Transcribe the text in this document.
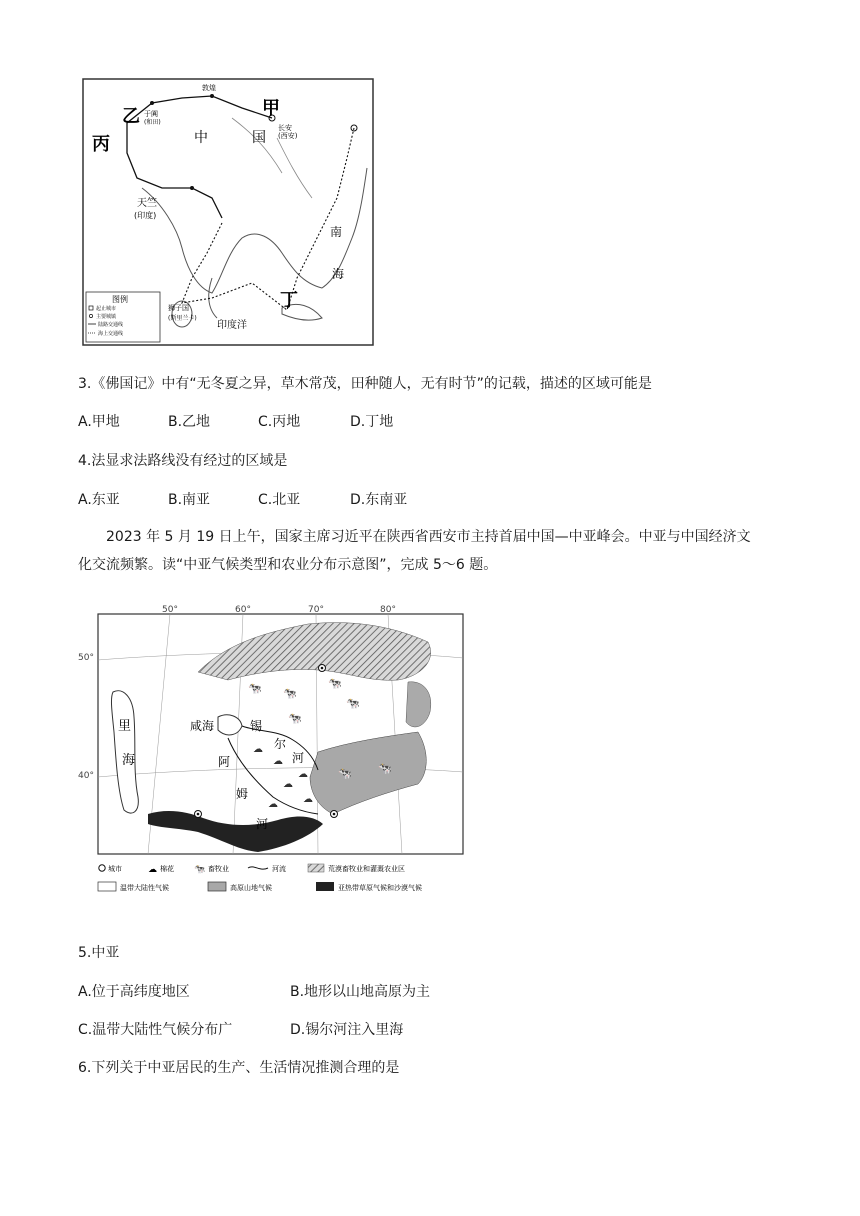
甲
乙
丙
丁
中	国
南
海
天竺
(印度)
狮子国
(斯里兰卡)
印度洋
长安
(西安)
敦煌
于阗
(和田)
图例
起止城市
主要城镇
陆路交通线
海上交通线
3.《佛国记》中有“无冬夏之异，草木常茂，田种随人，无有时节”的记载，描述的区域可能是
A.甲地	B.乙地	C.丙地	D.丁地
4.法显求法路线没有经过的区域是
A.东亚	B.南亚	C.北亚	D.东南亚
2023 年 5 月 19 日上午，国家主席习近平在陕西省西安市主持首届中国—中亚峰会。中亚与中国经济文
化交流频繁。读“中亚气候类型和农业分布示意图”，完成 5～6 题。
50°	60°	70°	80°
50°
40°
里
海
咸海	锡
尔
河
阿
姆
河
🐄 🐄
🐄
🐄
🐄
🐄 🐄
☁
☁
☁
☁
☁	☁
城市	☁ 棉花 🐄 畜牧业	河流	荒漠畜牧业和灌溉农业区
温带大陆性气候	高原山地气候	亚热带草原气候和沙漠气候
5.中亚
A.位于高纬度地区	B.地形以山地高原为主
C.温带大陆性气候分布广	D.锡尔河注入里海
6.下列关于中亚居民的生产、生活情况推测合理的是
